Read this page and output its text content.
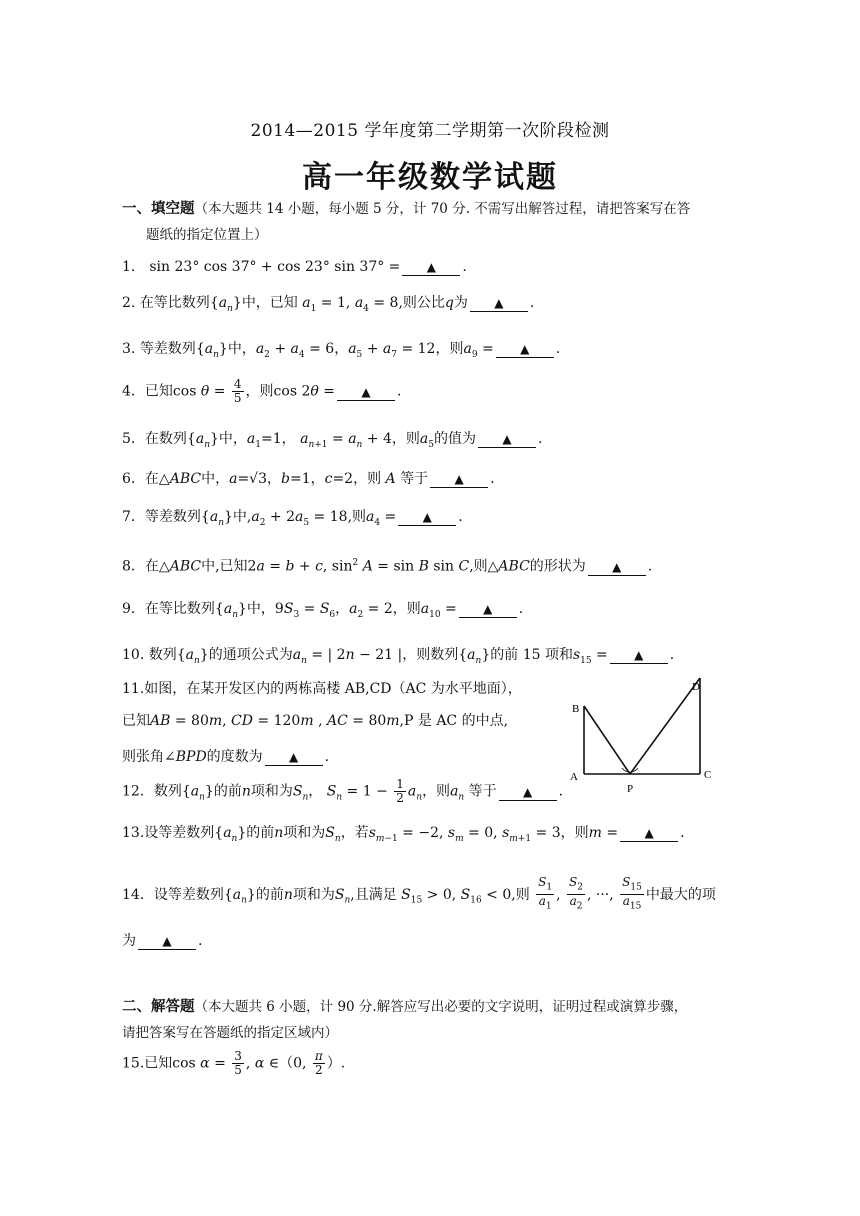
2014—2015 学年度第二学期第一次阶段检测
高一年级数学试题
一、填空题（本大题共 14 小题，每小题 5 分，计 70 分. 不需写出解答过程，请把答案写在答
题纸的指定位置上）
1． sin 23° cos 37° + cos 23° sin 37° = ▲ .
2. 在等比数列$\{a_n\}$中，已知 $a_1 = 1$, $a_4 = 8$,则公比q为 ▲ .
3. 等差数列$\{a_n\}$中，$a_2 + a_4 = 6$，$a_5 + a_7 = 12$，则$a_9$ = ▲ .
4．已知$\cos \theta = \frac{4}{5}$ ，则cos 2θ = ▲ .
5．在数列$\{a_n\}$中，$a_1=1$， $a_{n+1} = a_n + 4$，则$a_5$的值为 ▲ .
6．在△ABC中，a=√3，b=1，c=2，则 A 等于 ▲ .
7．等差数列$\{a_n\}$中$,a_2 + 2a_5 = 18$,则$a_4$ = ▲ .
8．在△ABC中,已知2a = b + c, $\sin^2 A = \sin B$ sin C,则△ABC的形状为 ▲ .
9．在等比数列$\{a_n\}$中，$9S_3 = S_6$，$a_2 = 2$，则$a_{10}$ = ▲ .
10. 数列$\{a_n\}$的通项公式为$a_n$ = | 2n − 21 |，则数列$\{a_n\}$的前 15 项和$s_{15}$ = ▲ .
11.如图，在某开发区内的两栋高楼 AB,CD（AC 为水平地面），
已知AB = 80m, CD = 120m , AC = 80m,P 是 AC 的中点,
则张角∠BPD的度数为 ▲ .
A
B
C
D
P
12．数列$\{a_n\}$的前n项和为$S_n$， $S_n = 1 - \frac{1}{2} a_n$，则$a_n$ 等于 ▲ .
13.设等差数列$\{a_n\}$的前n项和为$S_n$，若$s_{m-1} = -2$, $s_m = 0$, $s_{m+1} = 3$，则m = ▲ .
14．设等差数列$\{a_n\}$的前n项和为$S_n$,且满足 $S_{15} > 0$, $S_{16} < 0$,则 $\frac{S_1}{a_1}$ , $\frac{S_2}{a_2}$ , ···, $\frac{S_{15}}{a_{15}}$ 中最大的项
为 ▲ .
二、解答题（本大题共 6 小题，计 90 分.解答应写出必要的文字说明，证明过程或演算步骤，
请把答案写在答题纸的指定区域内）
15.已知$\cos \alpha = \frac{3}{5}$ , α ∈（0, $\frac{\pi}{2}$ ）.
